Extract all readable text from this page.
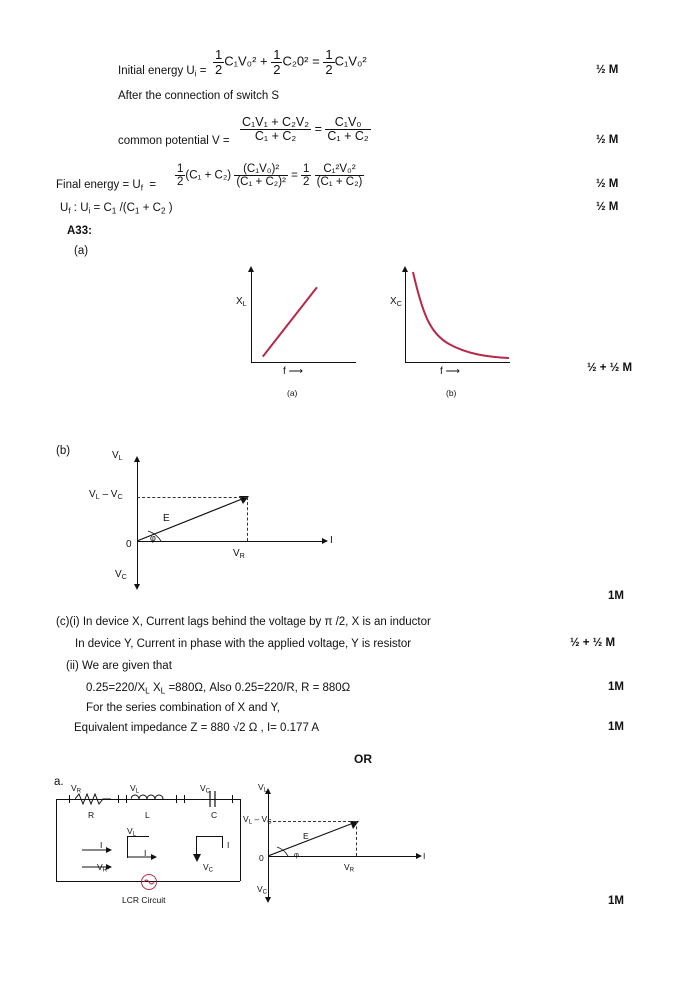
Initial energy $U_i = \frac{1}{2} C_1V_0^2 + \frac{1}{2} C_20^2 = \frac{1}{2} C_1V_0^2$
½ M
After the connection of switch S
common potential $V = \frac{\text{C₁V₁ + C₂V₂}}{\text{C₁ + C₂}} = \frac{\text{C₁V₀}}{\text{C₁ + C₂}}$	½ M
Final energy = $U_f = \frac{1}{2} (C_1 + C_2) \frac{\text{(C₁V₀)²}}{\text{(C₁ + C₂)²}} = \frac{1}{2}$
$\frac{\text{C₁²V₀²}}{\text{(C₁ + C₂)}}$	½ M
$U_f$ : $U_i = C_1$ $/(C_1 + C_2$ )	½ M
A33:
(a)
$X_L$
f ⟶
(a)
$X_C$
f ⟶
(b)
½ + ½ M
(b)	$V_L$
$V_L - V_C$
E
φ
0	I
$V_R$
$V_C$
1M
(c)(i) In device X, Current lags behind the voltage by π /2, X is an inductor
In device Y, Current in phase with the applied voltage, Y is resistor	½ + ½ M
(ii) We are given that
$0.25=220/X_L$ $X_L =880\Omega$, Also 0.25=220/R, R = 880Ω	1M
For the series combination of X and Y,
Equivalent impedance Z = 880 √2 Ω , I= 0.177 A	1M
OR
a. $V_R$	$V_L$	$V_C$
R	L	C
I
I
I
$V_R$
$V_L$
$V_C$
LCR Circuit
$V_L$
$V_L - V_C$
E
φ
0	I
$V_R$
$V_C$
1M
